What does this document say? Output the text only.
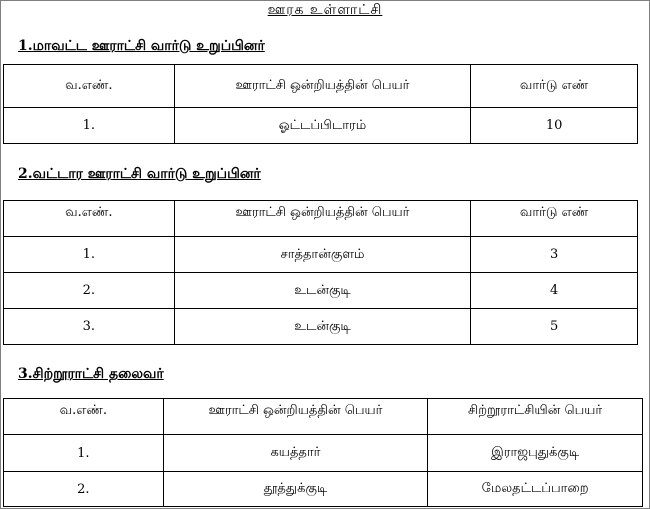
ஊரக உள்ளாட்சி
1.மாவட்ட ஊராட்சி வார்டு உறுப்பினர்
வ.எண்.	ஊராட்சி ஒன்றியத்தின் பெயர்	வார்டு எண்
1.	ஓட்டப்பிடாரம்	10
2.வட்டார ஊராட்சி வார்டு உறுப்பினர்
வ.எண்.	ஊராட்சி ஒன்றியத்தின் பெயர்	வார்டு எண்
1.	சாத்தான்குளம்	3
2.	உடன்குடி	4
3.	உடன்குடி	5
3.சிற்றூராட்சி தலைவர்
வ.எண்.	ஊராட்சி ஒன்றியத்தின் பெயர்	சிற்றூராட்சியின் பெயர்
1.	கயத்தார்	இராஜபுதுக்குடி
2.	தூத்துக்குடி	மேலதட்டப்பாறை
